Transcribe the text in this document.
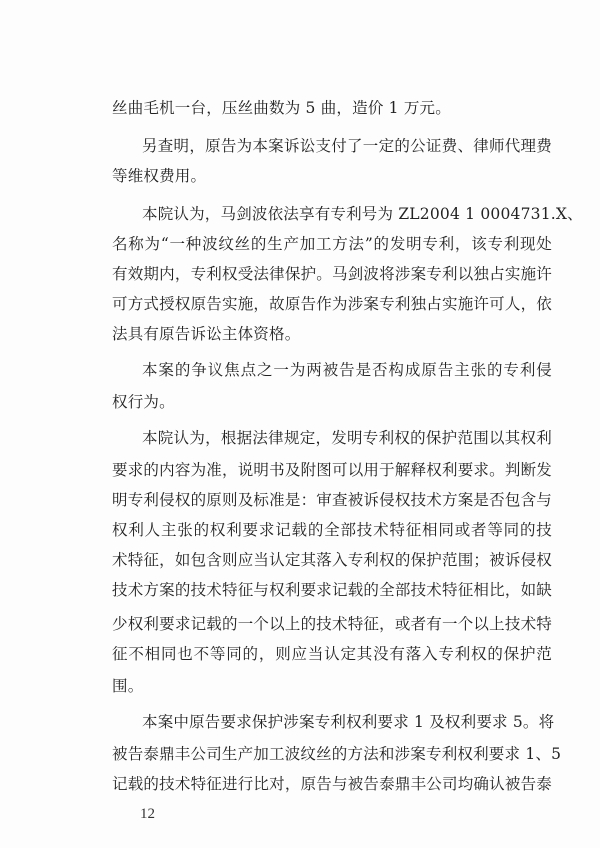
丝曲毛机一台，压丝曲数为 5 曲，造价 1 万元。
另查明，原告为本案诉讼支付了一定的公证费、律师代理费
等维权费用。
本院认为，马剑波依法享有专利号为 ZL2004 1 0004731.X、
名称为“一种波纹丝的生产加工方法”的发明专利，该专利现处
有效期内，专利权受法律保护。马剑波将涉案专利以独占实施许
可方式授权原告实施，故原告作为涉案专利独占实施许可人，依
法具有原告诉讼主体资格。
本案的争议焦点之一为两被告是否构成原告主张的专利侵
权行为。
本院认为，根据法律规定，发明专利权的保护范围以其权利
要求的内容为准，说明书及附图可以用于解释权利要求。判断发
明专利侵权的原则及标准是：审查被诉侵权技术方案是否包含与
权利人主张的权利要求记载的全部技术特征相同或者等同的技
术特征，如包含则应当认定其落入专利权的保护范围；被诉侵权
技术方案的技术特征与权利要求记载的全部技术特征相比，如缺
少权利要求记载的一个以上的技术特征，或者有一个以上技术特
征不相同也不等同的，则应当认定其没有落入专利权的保护范
围。
本案中原告要求保护涉案专利权利要求 1 及权利要求 5。将
被告泰鼎丰公司生产加工波纹丝的方法和涉案专利权利要求 1、5
记载的技术特征进行比对，原告与被告泰鼎丰公司均确认被告泰
12
